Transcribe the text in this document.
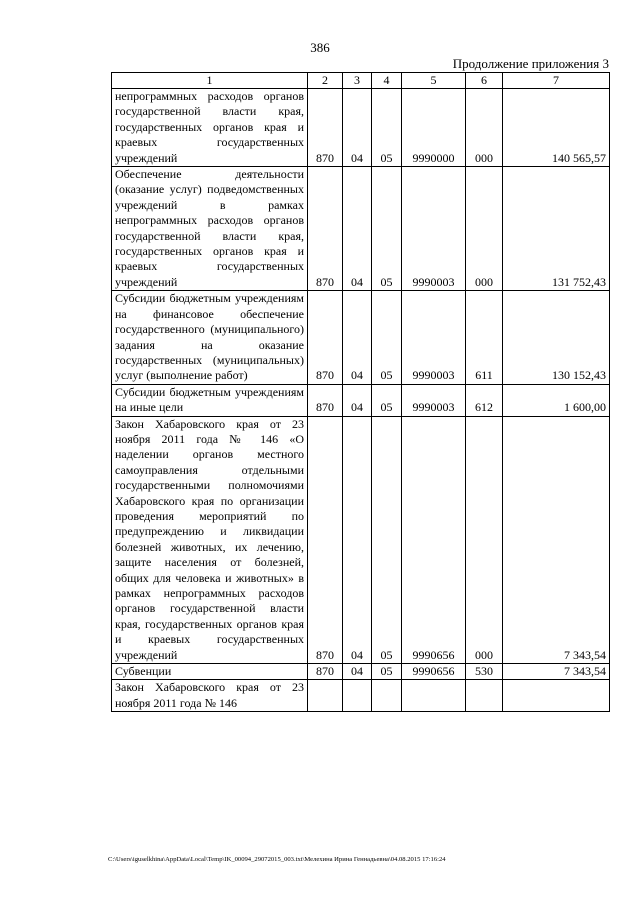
386
Продолжение приложения 3
1	2	3	4	5	6	7
непрограммных расходов органов государственной власти края, государственных органов края и краевых государственных учреждений	870	04	05	9990000	000	140 565,57
Обеспечение деятельности (оказание услуг) подведомственных учреждений в рамках непрограммных расходов органов государственной власти края, государственных органов края и краевых государственных учреждений	870	04	05	9990003	000	131 752,43
Субсидии бюджетным учреждениям на финансовое обеспечение государственного (муниципального) задания на оказание государственных (муниципальных) услуг (выполнение работ)	870	04	05	9990003	611	130 152,43
Субсидии бюджетным учреждениям на иные цели	870	04	05	9990003	612	1 600,00
Закон Хабаровского края от 23 ноября 2011 года № 146 «О наделении органов местного самоуправления отдельными государственными полномочиями Хабаровского края по организации проведения мероприятий по предупреждению и ликвидации болезней животных, их лечению, защите населения от болезней, общих для человека и животных» в рамках непрограммных расходов органов государственной власти края, государственных органов края и краевых государственных учреждений	870	04	05	9990656	000	7 343,54
Субвенции	870	04	05	9990656	530	7 343,54
Закон Хабаровского края от 23 ноября 2011 года № 146						
C:\Users\iguselkhina\AppData\Local\Temp\IK_00094_29072015_003.txt\Мелехина Ирина Геннадьевна\04.08.2015 17:16:24
